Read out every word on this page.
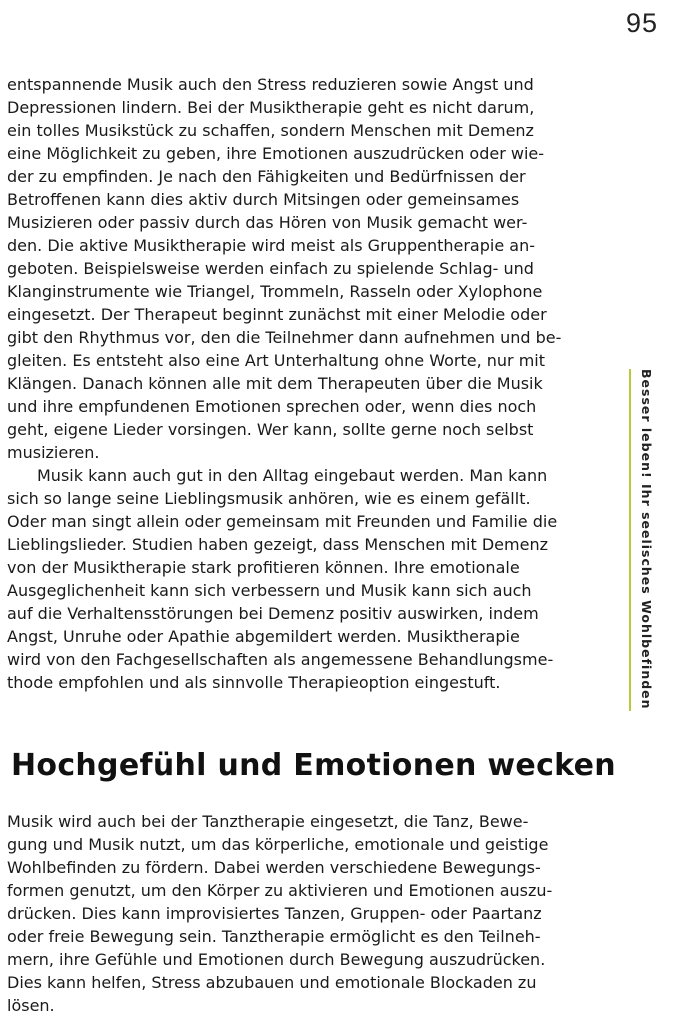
95
entspannende Musik auch den Stress reduzieren sowie Angst und
Depressionen lindern. Bei der Musiktherapie geht es nicht darum,
ein tolles Musikstück zu schaffen, sondern Menschen mit Demenz
eine Möglichkeit zu geben, ihre Emotionen auszudrücken oder wie-
der zu empfinden. Je nach den Fähigkeiten und Bedürfnissen der
Betroffenen kann dies aktiv durch Mitsingen oder gemeinsames
Musizieren oder passiv durch das Hören von Musik gemacht wer-
den. Die aktive Musiktherapie wird meist als Gruppentherapie an-
geboten. Beispielsweise werden einfach zu spielende Schlag- und
Klanginstrumente wie Triangel, Trommeln, Rasseln oder Xylophone
eingesetzt. Der Therapeut beginnt zunächst mit einer Melodie oder
gibt den Rhythmus vor, den die Teilnehmer dann aufnehmen und be-
gleiten. Es entsteht also eine Art Unterhaltung ohne Worte, nur mit
Klängen. Danach können alle mit dem Therapeuten über die Musik
und ihre empfundenen Emotionen sprechen oder, wenn dies noch
geht, eigene Lieder vorsingen. Wer kann, sollte gerne noch selbst
musizieren.
Musik kann auch gut in den Alltag eingebaut werden. Man kann
sich so lange seine Lieblingsmusik anhören, wie es einem gefällt.
Oder man singt allein oder gemeinsam mit Freunden und Familie die
Lieblingslieder. Studien haben gezeigt, dass Menschen mit Demenz
von der Musiktherapie stark profitieren können. Ihre emotionale
Ausgeglichenheit kann sich verbessern und Musik kann sich auch
auf die Verhaltensstörungen bei Demenz positiv auswirken, indem
Angst, Unruhe oder Apathie abgemildert werden. Musiktherapie
wird von den Fachgesellschaften als angemessene Behandlungsme-
thode empfohlen und als sinnvolle Therapieoption eingestuft.
Hochgefühl und Emotionen wecken
Musik wird auch bei der Tanztherapie eingesetzt, die Tanz, Bewe-
gung und Musik nutzt, um das körperliche, emotionale und geistige
Wohlbefinden zu fördern. Dabei werden verschiedene Bewegungs-
formen genutzt, um den Körper zu aktivieren und Emotionen auszu-
drücken. Dies kann improvisiertes Tanzen, Gruppen- oder Paartanz
oder freie Bewegung sein. Tanztherapie ermöglicht es den Teilneh-
mern, ihre Gefühle und Emotionen durch Bewegung auszudrücken.
Dies kann helfen, Stress abzubauen und emotionale Blockaden zu
lösen.
Besser leben! Ihr seelisches Wohlbefinden
